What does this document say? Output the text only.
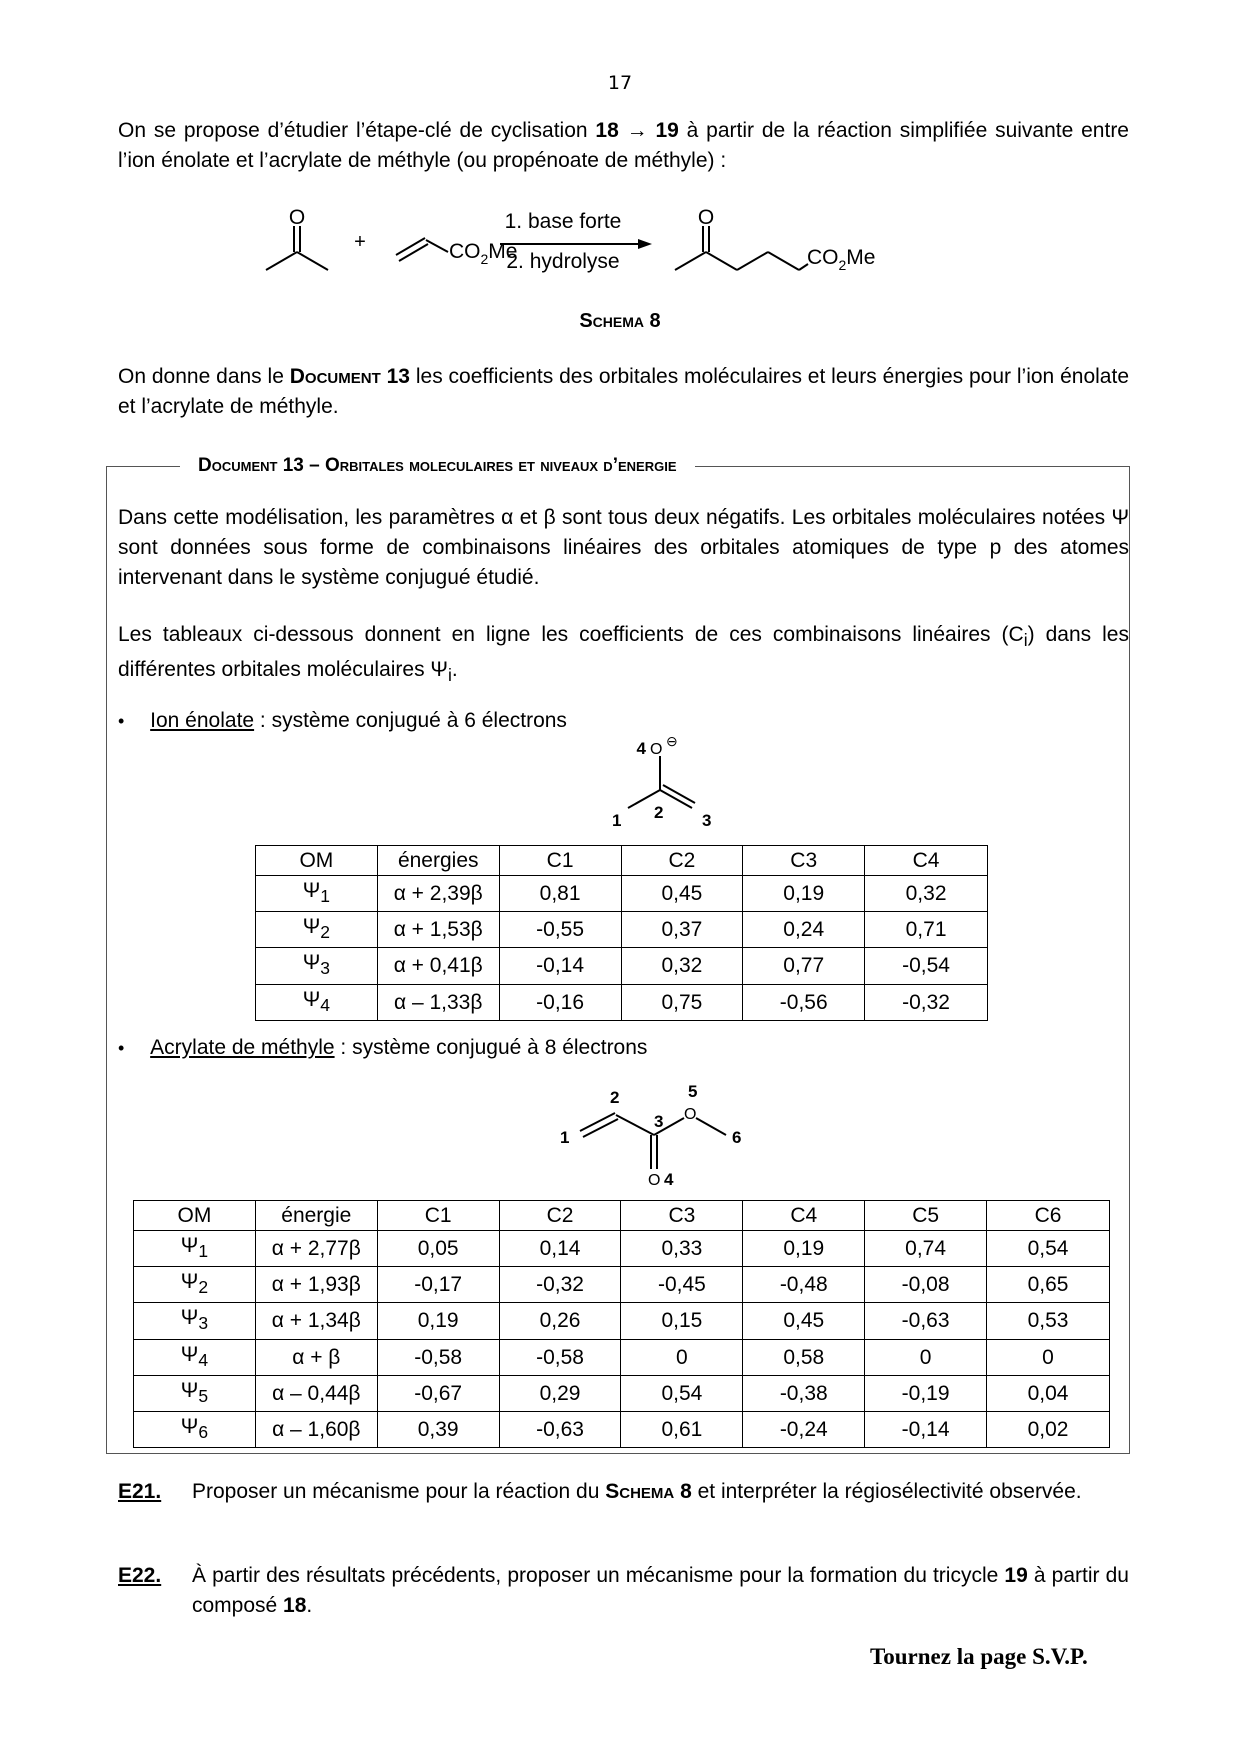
17
On se propose d’étudier l’étape-clé de cyclisation 18 → 19 à partir de la réaction simplifiée suivante entre l’ion énolate et l’acrylate de méthyle (ou propénoate de méthyle) :
O
+	$CO_2Me$
1. base forte
2. hydrolyse
O
$CO_2Me$
Schema 8
On donne dans le Document 13 les coefficients des orbitales moléculaires et leurs énergies pour l’ion énolate et l’acrylate de méthyle.
Document 13 – Orbitales moleculaires et niveaux d’energie
Dans cette modélisation, les paramètres α et β sont tous deux négatifs. Les orbitales moléculaires notées Ψ sont données sous forme de combinaisons linéaires des orbitales atomiques de type p des atomes intervenant dans le système conjugué étudié.
Les tableaux ci-dessous donnent en ligne les coefficients de ces combinaisons linéaires $(C_i)$ dans les différentes orbitales moléculaires $\Psi_i$.
• Ion énolate : système conjugué à 6 électrons
4 O ⊖
1 2 3
OM	énergies	C1	C2	C3	C4
$\Psi_1$	α + 2,39β	0,81	0,45	0,19	0,32
$\Psi_2$	α + 1,53β	-0,55	0,37	0,24	0,71
$\Psi_3$	α + 0,41β	-0,14	0,32	0,77	-0,54
$\Psi_4$	α – 1,33β	-0,16	0,75	-0,56	-0,32
• Acrylate de méthyle : système conjugué à 8 électrons
1
2
3 O
5
6
O 4
OM	énergie	C1	C2	C3	C4	C5	C6
$\Psi_1$	α + 2,77β	0,05	0,14	0,33	0,19	0,74	0,54
$\Psi_2$	α + 1,93β	-0,17	-0,32	-0,45	-0,48	-0,08	0,65
$\Psi_3$	α + 1,34β	0,19	0,26	0,15	0,45	-0,63	0,53
$\Psi_4$	α + β	-0,58	-0,58	0	0,58	0	0
$\Psi_5$	α – 0,44β	-0,67	0,29	0,54	-0,38	-0,19	0,04
$\Psi_6$	α – 1,60β	0,39	-0,63	0,61	-0,24	-0,14	0,02
E21. Proposer un mécanisme pour la réaction du Schema 8 et interpréter la régiosélectivité observée.
E22. À partir des résultats précédents, proposer un mécanisme pour la formation du tricycle 19 à partir du composé 18.
Tournez la page S.V.P.
